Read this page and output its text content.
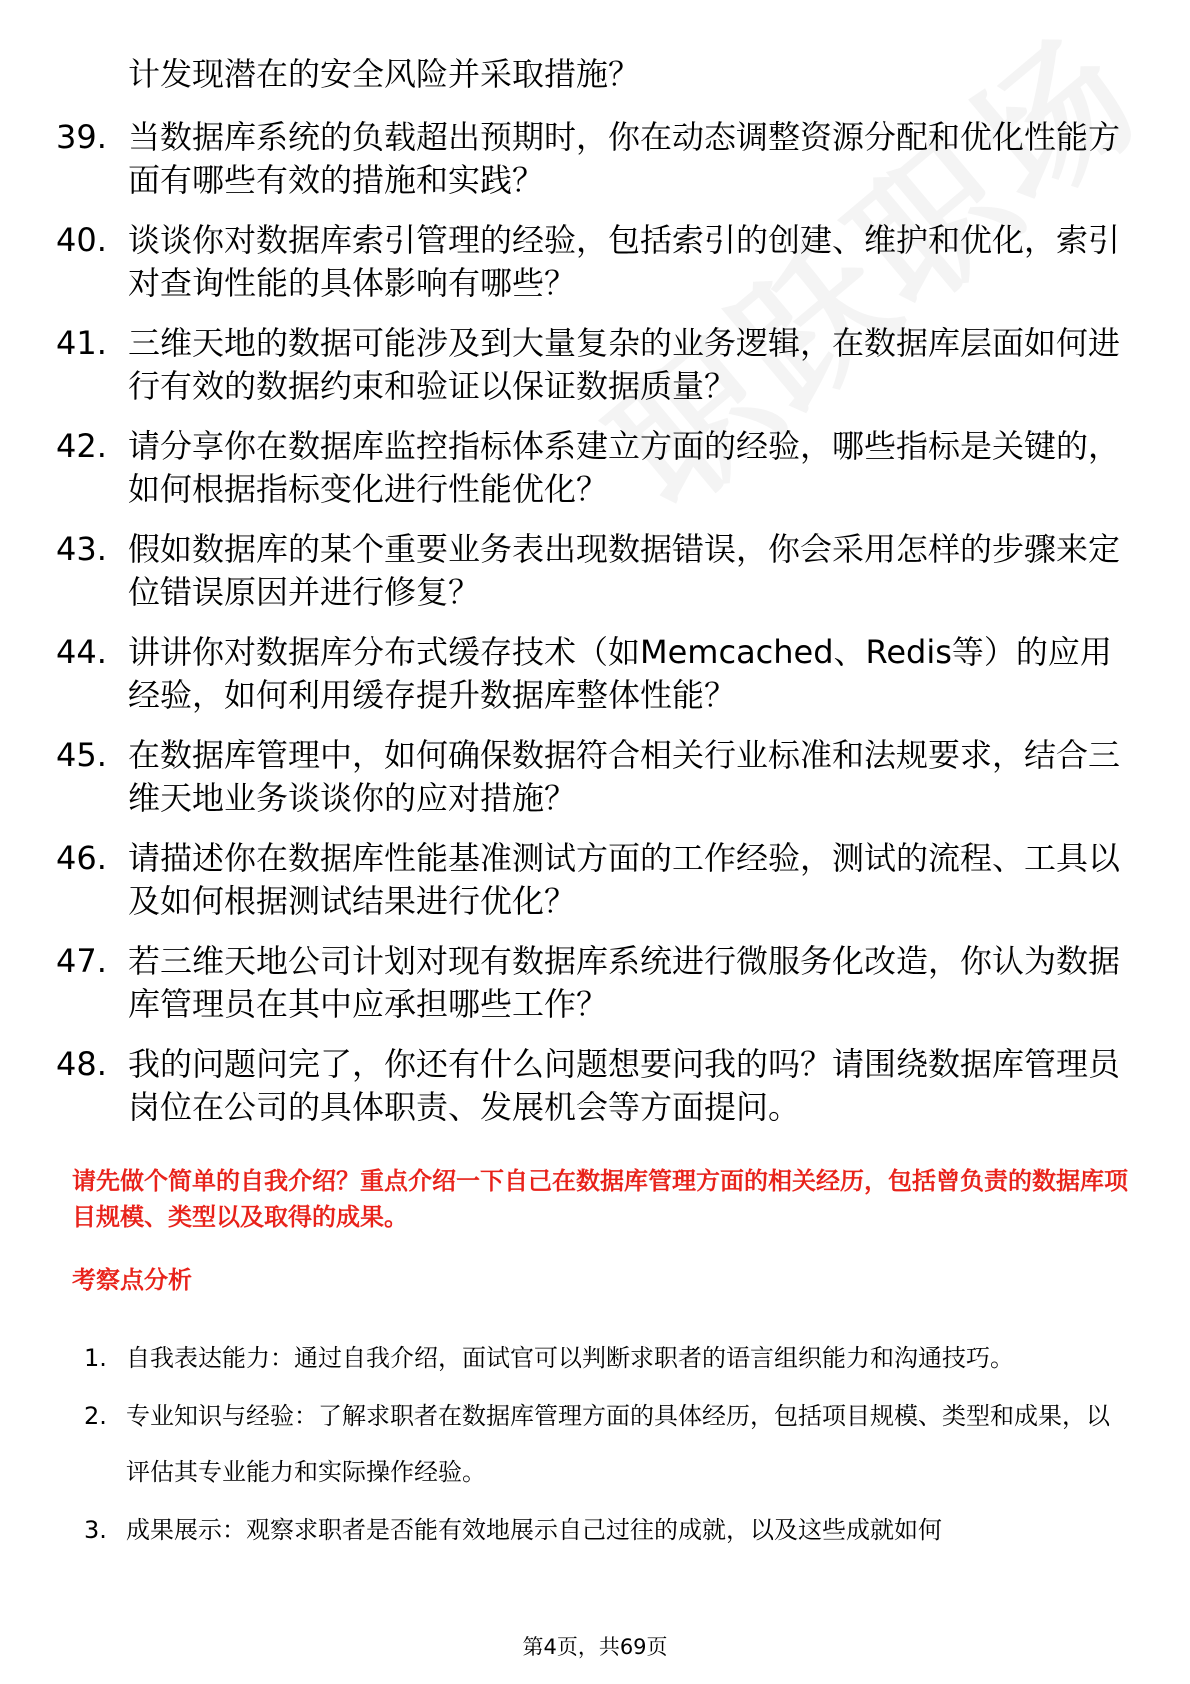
计发现潜在的安全风险并采取措施？
39. 当数据库系统的负载超出预期时，你在动态调整资源分配和优化性能方面有哪些有效的措施和实践？
40. 谈谈你对数据库索引管理的经验，包括索引的创建、维护和优化，索引对查询性能的具体影响有哪些？
41. 三维天地的数据可能涉及到大量复杂的业务逻辑，在数据库层面如何进行有效的数据约束和验证以保证数据质量？
42. 请分享你在数据库监控指标体系建立方面的经验，哪些指标是关键的，如何根据指标变化进行性能优化？
43. 假如数据库的某个重要业务表出现数据错误，你会采用怎样的步骤来定位错误原因并进行修复？
44. 讲讲你对数据库分布式缓存技术（如Memcached、Redis等）的应用经验，如何利用缓存提升数据库整体性能？
45. 在数据库管理中，如何确保数据符合相关行业标准和法规要求，结合三维天地业务谈谈你的应对措施？
46. 请描述你在数据库性能基准测试方面的工作经验，测试的流程、工具以及如何根据测试结果进行优化？
47. 若三维天地公司计划对现有数据库系统进行微服务化改造，你认为数据库管理员在其中应承担哪些工作？
48. 我的问题问完了，你还有什么问题想要问我的吗？请围绕数据库管理员岗位在公司的具体职责、发展机会等方面提问。
请先做个简单的自我介绍？重点介绍一下自己在数据库管理方面的相关经历，包括曾负责的数据库项目规模、类型以及取得的成果。
考察点分析
1. 自我表达能力：通过自我介绍，面试官可以判断求职者的语言组织能力和沟通技巧。
2. 专业知识与经验：了解求职者在数据库管理方面的具体经历，包括项目规模、类型和成果，以评估其专业能力和实际操作经验。
3. 成果展示：观察求职者是否能有效地展示自己过往的成就，以及这些成就如何
第4页，共69页
